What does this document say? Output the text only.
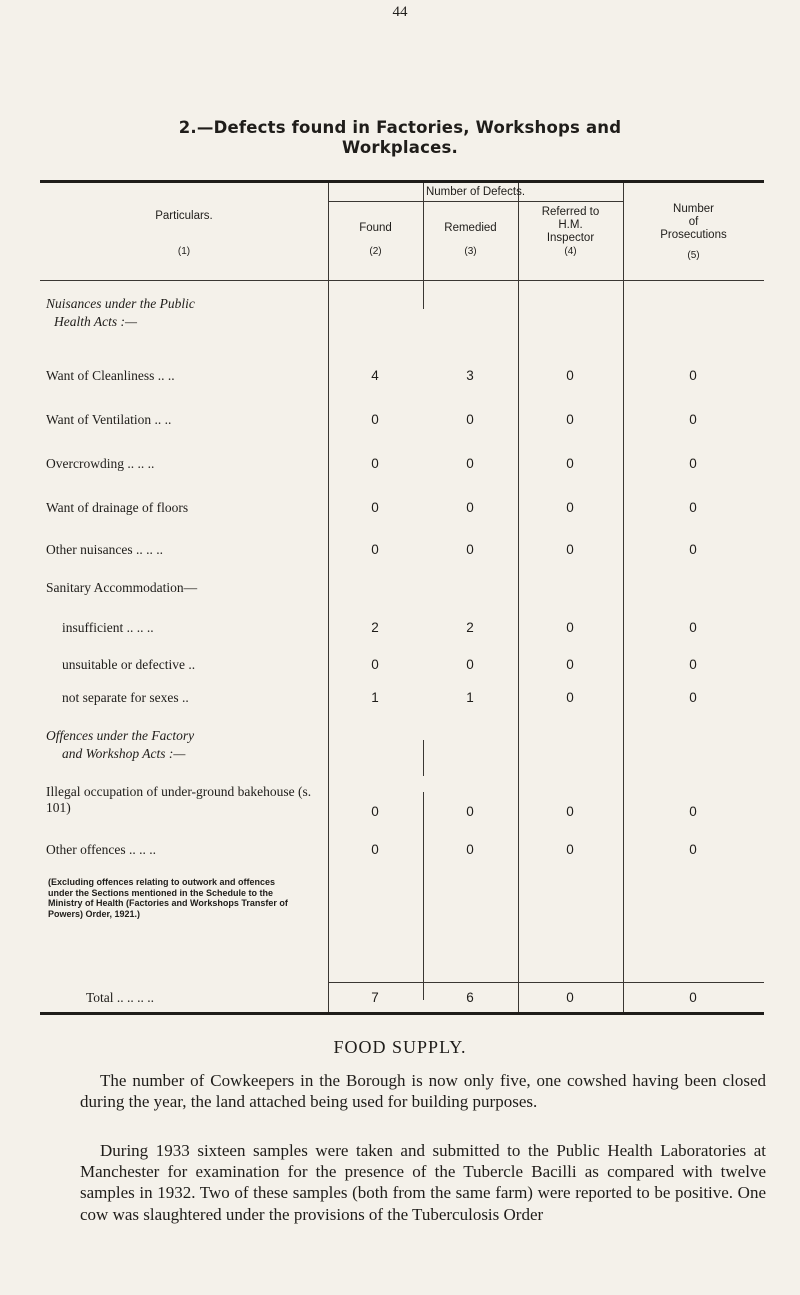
44
2.—Defects found in Factories, Workshops and
Workplaces.
Particulars.
(1)
Number of Defects.
Found
(2)
Remedied
(3)
Referred to
H.M.
Inspector
(4)
Number
of
Prosecutions
(5)
Nuisances under the Public
Health Acts :—
Sanitary Accommodation—
Offences under the Factory
and Workshop Acts :—
Want of Cleanliness .. ..	4	3	0	0
Want of Ventilation .. ..	0	0	0	0
Overcrowding .. .. ..	0	0	0	0
Want of drainage of floors	0	0	0	0
Other nuisances .. .. ..	0	0	0	0
insufficient .. .. ..	2	2	0	0
unsuitable or defective ..	0	0	0	0
not separate for sexes ..	1	1	0	0
Illegal occupation of under-ground bakehouse (s. 101)	0	0	0	0
Other offences .. .. ..	0	0	0	0
(Excluding offences relating to outwork and offences under the Sections mentioned in the Schedule to the Ministry of Health (Factories and Workshops Transfer of Powers) Order, 1921.)
Total .. .. .. ..	7	6	0	0
FOOD SUPPLY.

The number of Cowkeepers in the Borough is now only five, one cowshed having been closed during the year, the land attached being used for building purposes.

During 1933 sixteen samples were taken and submitted to the Public Health Laboratories at Manchester for examination for the presence of the Tubercle Bacilli as compared with twelve samples in 1932. Two of these samples (both from the same farm) were reported to be positive. One cow was slaughtered under the provisions of the Tuberculosis Order
